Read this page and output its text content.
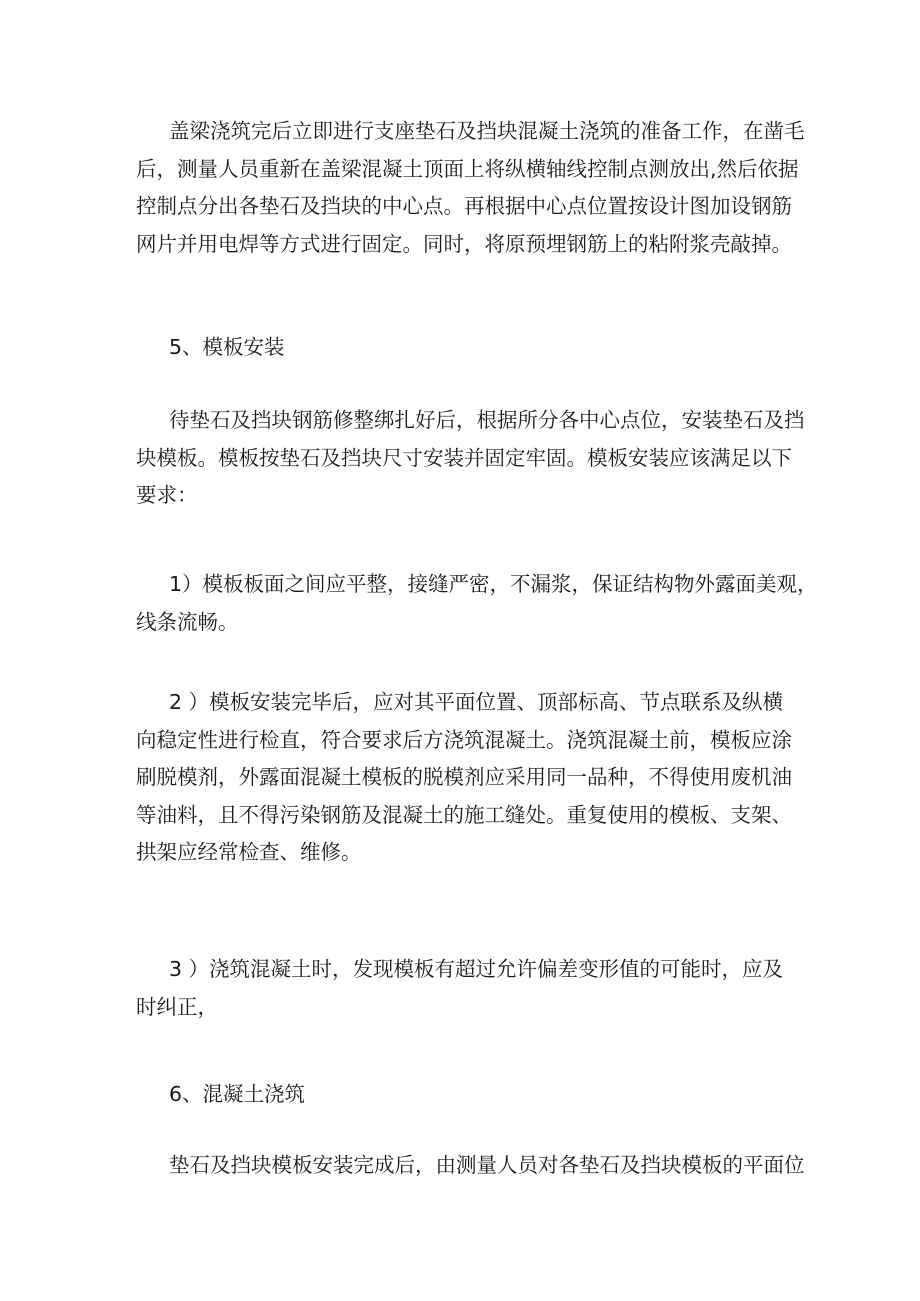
盖梁浇筑完后立即进行支座垫石及挡块混凝土浇筑的准备工作，在凿毛
后，测量人员重新在盖梁混凝土顶面上将纵横轴线控制点测放出,然后依据
控制点分出各垫石及挡块的中心点。再根据中心点位置按设计图加设钢筋
网片并用电焊等方式进行固定。同时，将原预埋钢筋上的粘附浆壳敲掉。
5、模板安装
待垫石及挡块钢筋修整绑扎好后，根据所分各中心点位，安装垫石及挡
块模板。模板按垫石及挡块尺寸安装并固定牢固。模板安装应该满足以下
要求：
1）模板板面之间应平整，接缝严密，不漏浆，保证结构物外露面美观，
线条流畅。
2 ）模板安装完毕后，应对其平面位置、顶部标高、节点联系及纵横
向稳定性进行检直，符合要求后方浇筑混凝土。浇筑混凝土前，模板应涂
刷脱模剂，外露面混凝土模板的脱模剂应采用同一品种，不得使用废机油
等油料，且不得污染钢筋及混凝土的施工缝处。重复使用的模板、支架、
拱架应经常检查、维修。
3 ）浇筑混凝土时，发现模板有超过允许偏差变形值的可能时，应及
时纠正，
6、混凝土浇筑
垫石及挡块模板安装完成后，由测量人员对各垫石及挡块模板的平面位
